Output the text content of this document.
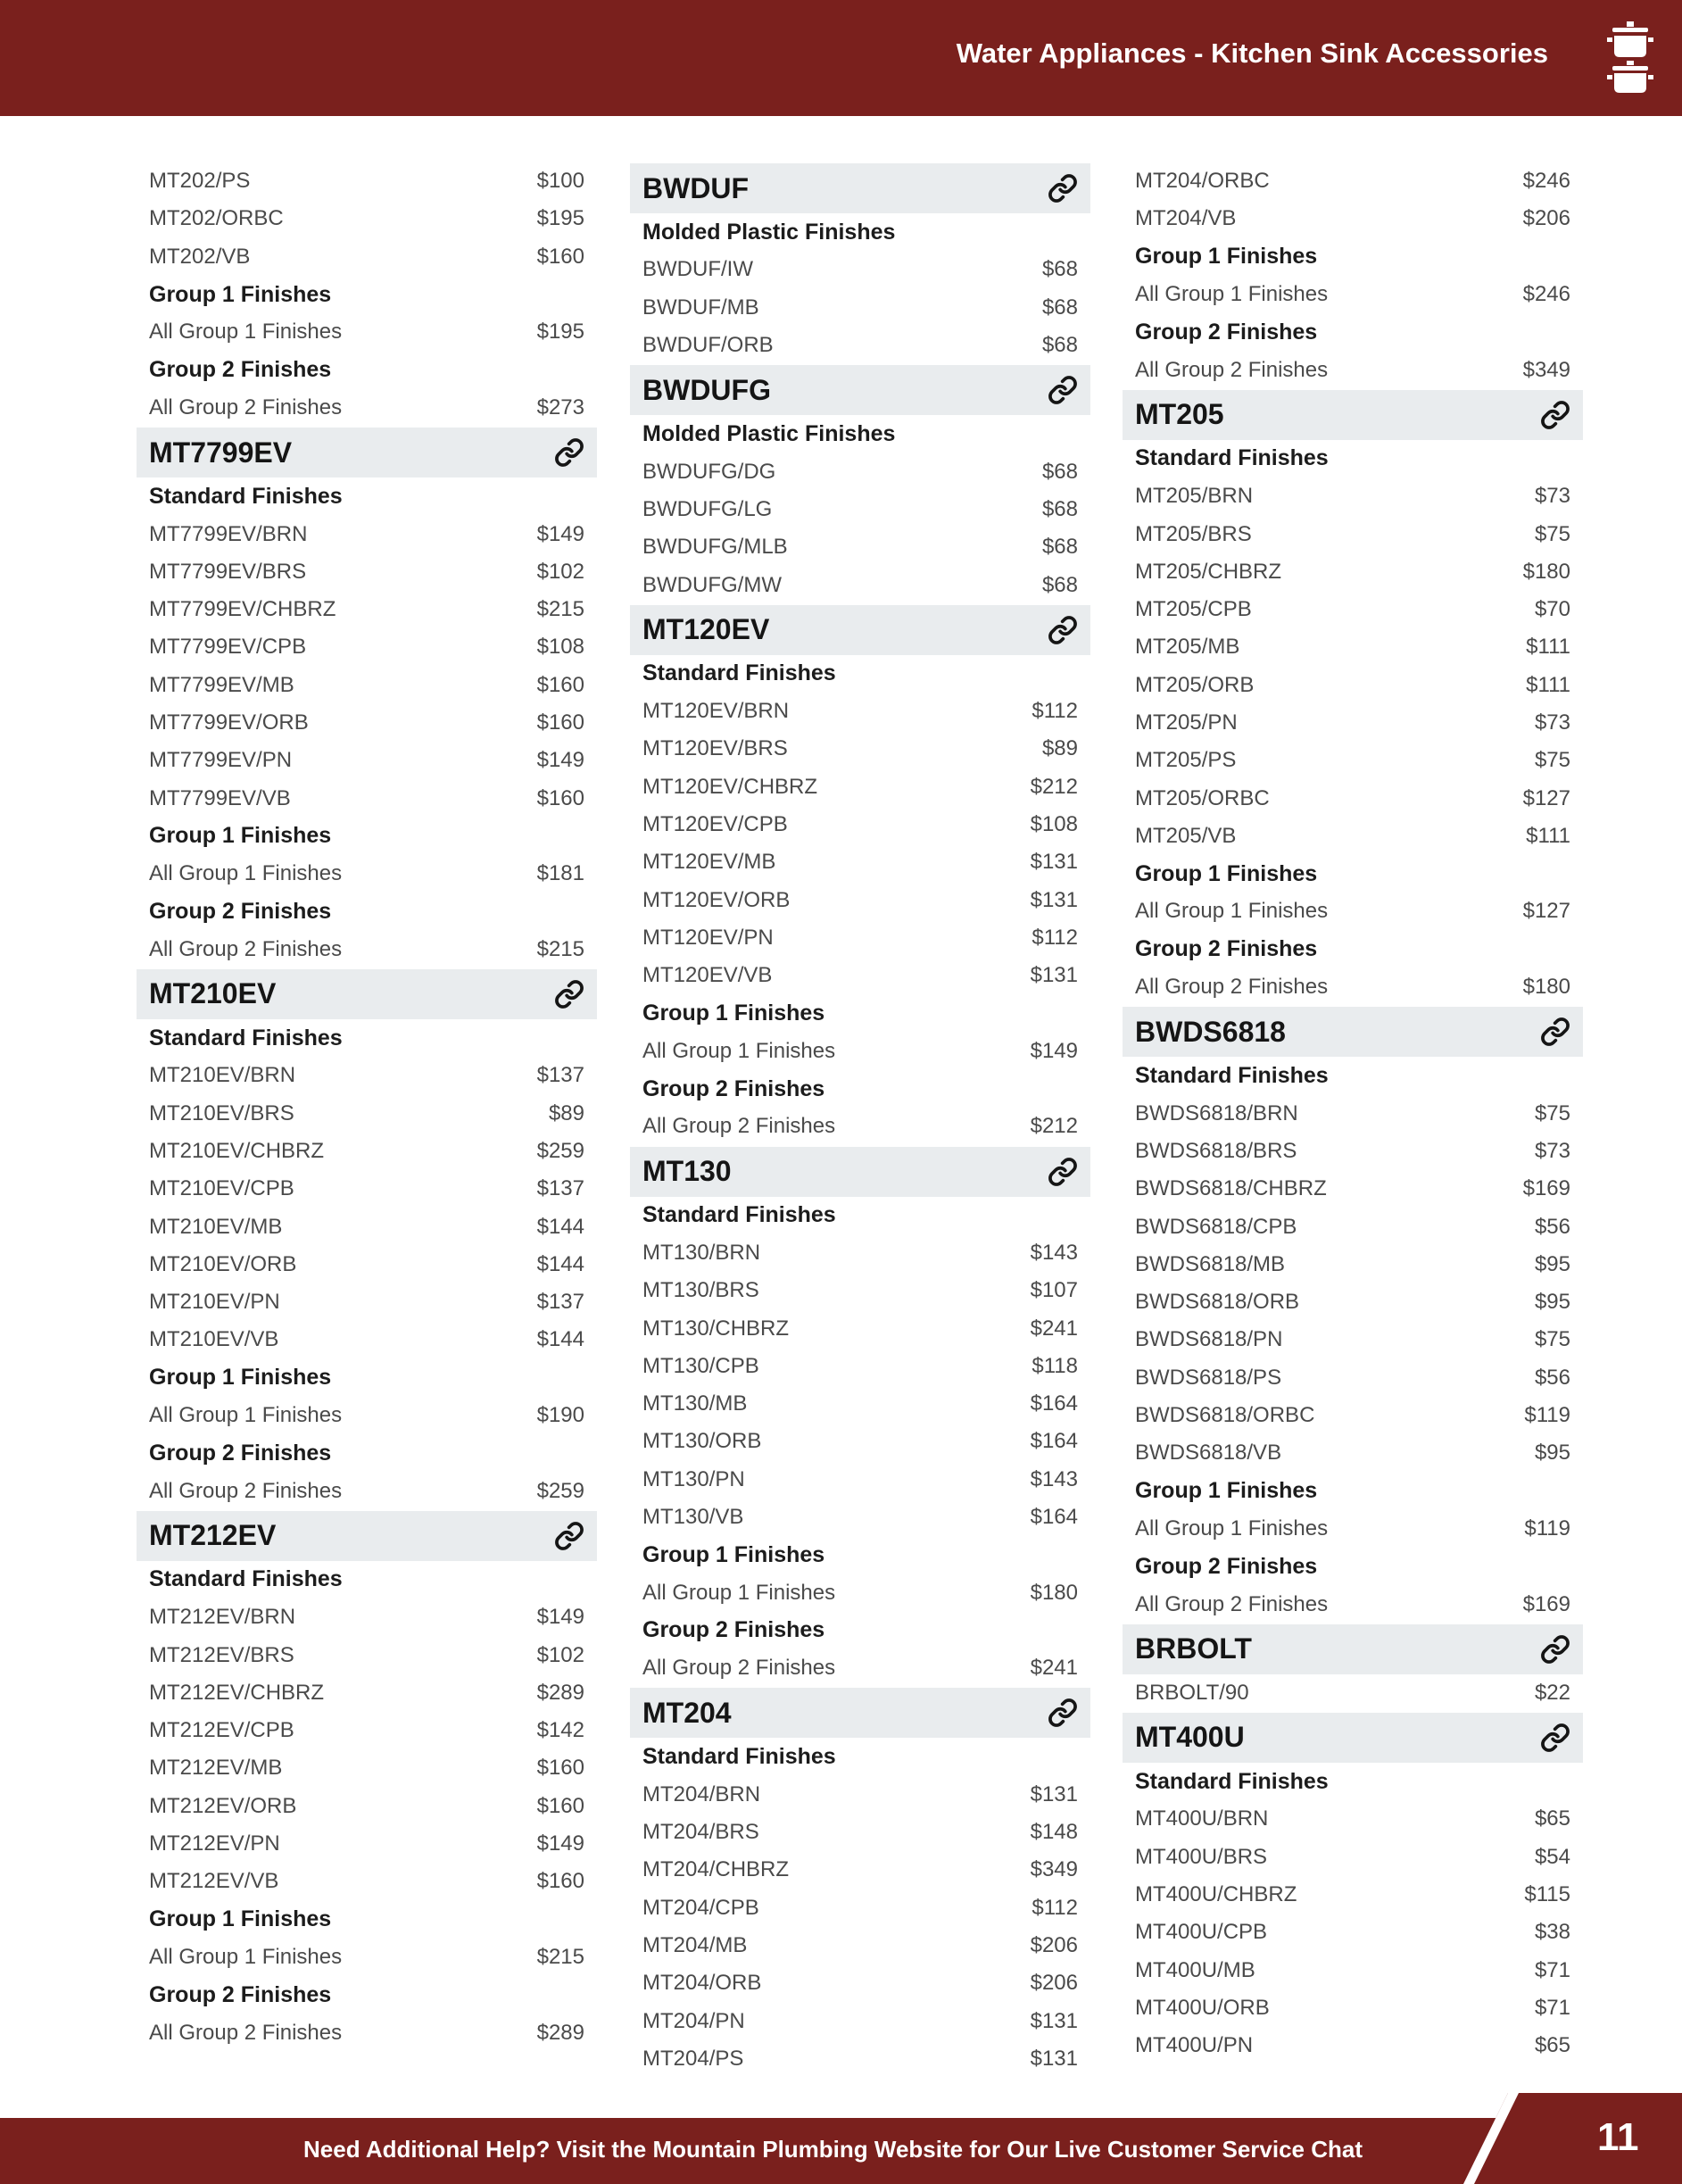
Water Appliances - Kitchen Sink Accessories
MT202/PS	$100
MT202/ORBC	$195
MT202/VB	$160
Group 1 Finishes
All Group 1 Finishes	$195
Group 2 Finishes
All Group 2 Finishes	$273
MT7799EV
Standard Finishes
MT7799EV/BRN	$149
MT7799EV/BRS	$102
MT7799EV/CHBRZ	$215
MT7799EV/CPB	$108
MT7799EV/MB	$160
MT7799EV/ORB	$160
MT7799EV/PN	$149
MT7799EV/VB	$160
Group 1 Finishes
All Group 1 Finishes	$181
Group 2 Finishes
All Group 2 Finishes	$215
MT210EV
Standard Finishes
MT210EV/BRN	$137
MT210EV/BRS	$89
MT210EV/CHBRZ	$259
MT210EV/CPB	$137
MT210EV/MB	$144
MT210EV/ORB	$144
MT210EV/PN	$137
MT210EV/VB	$144
Group 1 Finishes
All Group 1 Finishes	$190
Group 2 Finishes
All Group 2 Finishes	$259
MT212EV
Standard Finishes
MT212EV/BRN	$149
MT212EV/BRS	$102
MT212EV/CHBRZ	$289
MT212EV/CPB	$142
MT212EV/MB	$160
MT212EV/ORB	$160
MT212EV/PN	$149
MT212EV/VB	$160
Group 1 Finishes
All Group 1 Finishes	$215
Group 2 Finishes
All Group 2 Finishes	$289
BWDUF
Molded Plastic Finishes
BWDUF/IW	$68
BWDUF/MB	$68
BWDUF/ORB	$68
BWDUFG
Molded Plastic Finishes
BWDUFG/DG	$68
BWDUFG/LG	$68
BWDUFG/MLB	$68
BWDUFG/MW	$68
MT120EV
Standard Finishes
MT120EV/BRN	$112
MT120EV/BRS	$89
MT120EV/CHBRZ	$212
MT120EV/CPB	$108
MT120EV/MB	$131
MT120EV/ORB	$131
MT120EV/PN	$112
MT120EV/VB	$131
Group 1 Finishes
All Group 1 Finishes	$149
Group 2 Finishes
All Group 2 Finishes	$212
MT130
Standard Finishes
MT130/BRN	$143
MT130/BRS	$107
MT130/CHBRZ	$241
MT130/CPB	$118
MT130/MB	$164
MT130/ORB	$164
MT130/PN	$143
MT130/VB	$164
Group 1 Finishes
All Group 1 Finishes	$180
Group 2 Finishes
All Group 2 Finishes	$241
MT204
Standard Finishes
MT204/BRN	$131
MT204/BRS	$148
MT204/CHBRZ	$349
MT204/CPB	$112
MT204/MB	$206
MT204/ORB	$206
MT204/PN	$131
MT204/PS	$131
MT204/ORBC	$246
MT204/VB	$206
Group 1 Finishes
All Group 1 Finishes	$246
Group 2 Finishes
All Group 2 Finishes	$349
MT205
Standard Finishes
MT205/BRN	$73
MT205/BRS	$75
MT205/CHBRZ	$180
MT205/CPB	$70
MT205/MB	$111
MT205/ORB	$111
MT205/PN	$73
MT205/PS	$75
MT205/ORBC	$127
MT205/VB	$111
Group 1 Finishes
All Group 1 Finishes	$127
Group 2 Finishes
All Group 2 Finishes	$180
BWDS6818
Standard Finishes
BWDS6818/BRN	$75
BWDS6818/BRS	$73
BWDS6818/CHBRZ	$169
BWDS6818/CPB	$56
BWDS6818/MB	$95
BWDS6818/ORB	$95
BWDS6818/PN	$75
BWDS6818/PS	$56
BWDS6818/ORBC	$119
BWDS6818/VB	$95
Group 1 Finishes
All Group 1 Finishes	$119
Group 2 Finishes
All Group 2 Finishes	$169
BRBOLT
BRBOLT/90	$22
MT400U
Standard Finishes
MT400U/BRN	$65
MT400U/BRS	$54
MT400U/CHBRZ	$115
MT400U/CPB	$38
MT400U/MB	$71
MT400U/ORB	$71
MT400U/PN	$65
Need Additional Help? Visit the Mountain Plumbing Website for Our Live Customer Service Chat	11
